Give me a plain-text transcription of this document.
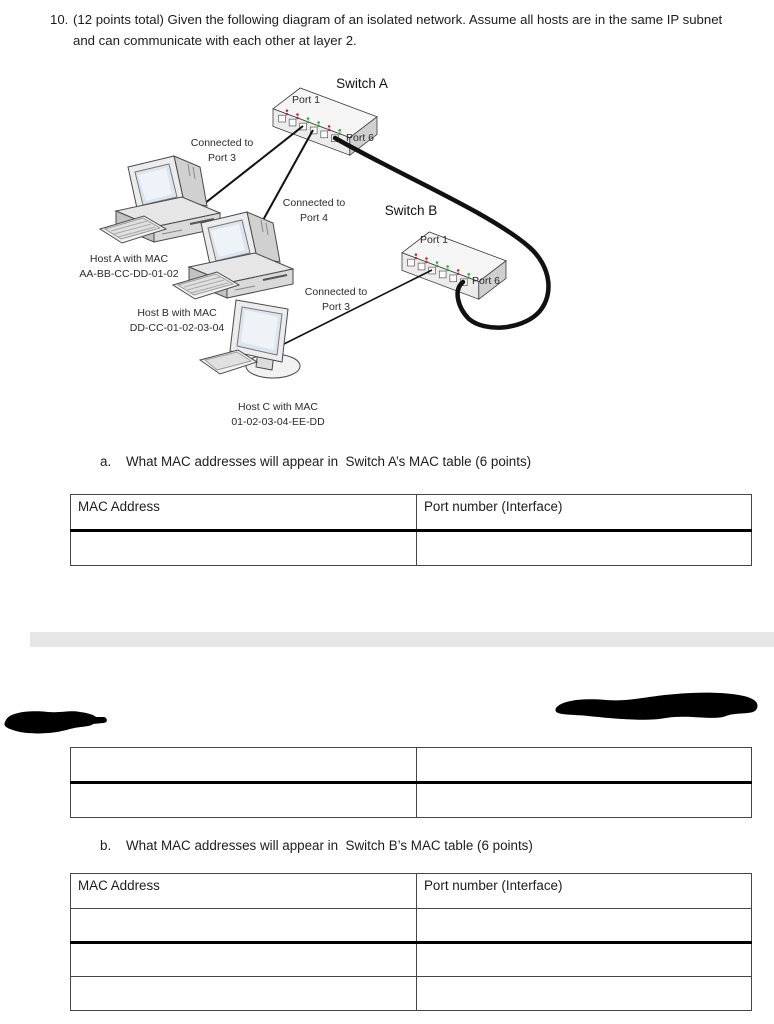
10. (12 points total) Given the following diagram of an isolated network. Assume all hosts are in the same IP subnet and can communicate with each other at layer 2.
Switch A
Port 1
Port 6
Switch B
Port 1
Port 6
Connected to
Port 3
Connected to
Port 4
Connected to
Port 3
Host A with MAC
AA-BB-CC-DD-01-02
Host B with MAC
DD-CC-01-02-03-04
Host C with MAC
01-02-03-04-EE-DD
a.	What MAC addresses will appear in  Switch A’s MAC table (6 points)
MAC Address	Port number (Interface)

b.	What MAC addresses will appear in  Switch B’s MAC table (6 points)
MAC Address	Port number (Interface)
